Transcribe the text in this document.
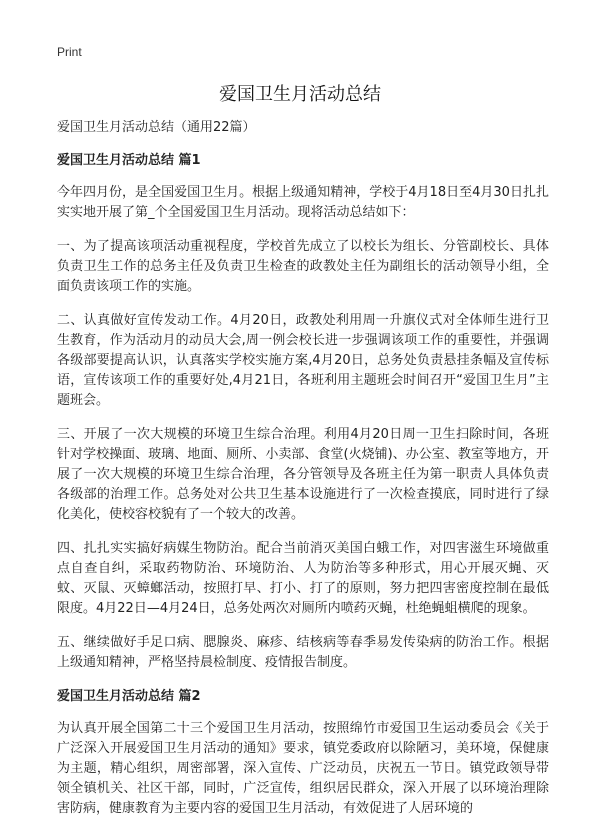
Print
爱国卫生月活动总结

爱国卫生月活动总结（通用22篇）

爱国卫生月活动总结 篇1

今年四月份，是全国爱国卫生月。根据上级通知精神，学校于4月18日至4月30日扎扎实实地开展了第_个全国爱国卫生月活动。现将活动总结如下：

一、为了提高该项活动重视程度，学校首先成立了以校长为组长、分管副校长、具体负责卫生工作的总务主任及负责卫生检查的政教处主任为副组长的活动领导小组，全面负责该项工作的实施。

二、认真做好宣传发动工作。4月20日，政教处利用周一升旗仪式对全体师生进行卫生教育，作为活动月的动员大会,周一例会校长进一步强调该项工作的重要性，并强调各级部要提高认识，认真落实学校实施方案,4月20日，总务处负责悬挂条幅及宣传标语，宣传该项工作的重要好处,4月21日，各班利用主题班会时间召开“爱国卫生月”主题班会。

三、开展了一次大规模的环境卫生综合治理。利用4月20日周一卫生扫除时间，各班针对学校操面、玻璃、地面、厕所、小卖部、食堂(火烧铺)、办公室、教室等地方，开展了一次大规模的环境卫生综合治理，各分管领导及各班主任为第一职责人具体负责各级部的治理工作。总务处对公共卫生基本设施进行了一次检查摸底，同时进行了绿化美化，使校容校貌有了一个较大的改善。

四、扎扎实实搞好病媒生物防治。配合当前消灭美国白蛾工作，对四害滋生环境做重点自查自纠，采取药物防治、环境防治、人为防治等多种形式，用心开展灭蝇、灭蚊、灭鼠、灭蟑螂活动，按照打早、打小、打了的原则，努力把四害密度控制在最低限度。4月22日—4月24日，总务处两次对厕所内喷药灭蝇，杜绝蝇蛆横爬的现象。

五、继续做好手足口病、腮腺炎、麻疹、结核病等春季易发传染病的防治工作。根据上级通知精神，严格坚持晨检制度、疫情报告制度。

爱国卫生月活动总结 篇2

为认真开展全国第二十三个爱国卫生月活动，按照绵竹市爱国卫生运动委员会《关于广泛深入开展爱国卫生月活动的通知》要求，镇党委政府以除陋习，美环境，保健康为主题，精心组织，周密部署，深入宣传、广泛动员，庆祝五一节日。镇党政领导带领全镇机关、社区干部，同时，广泛宣传，组织居民群众，深入开展了以环境治理除害防病，健康教育为主要内容的爱国卫生月活动，有效促进了人居环境的
